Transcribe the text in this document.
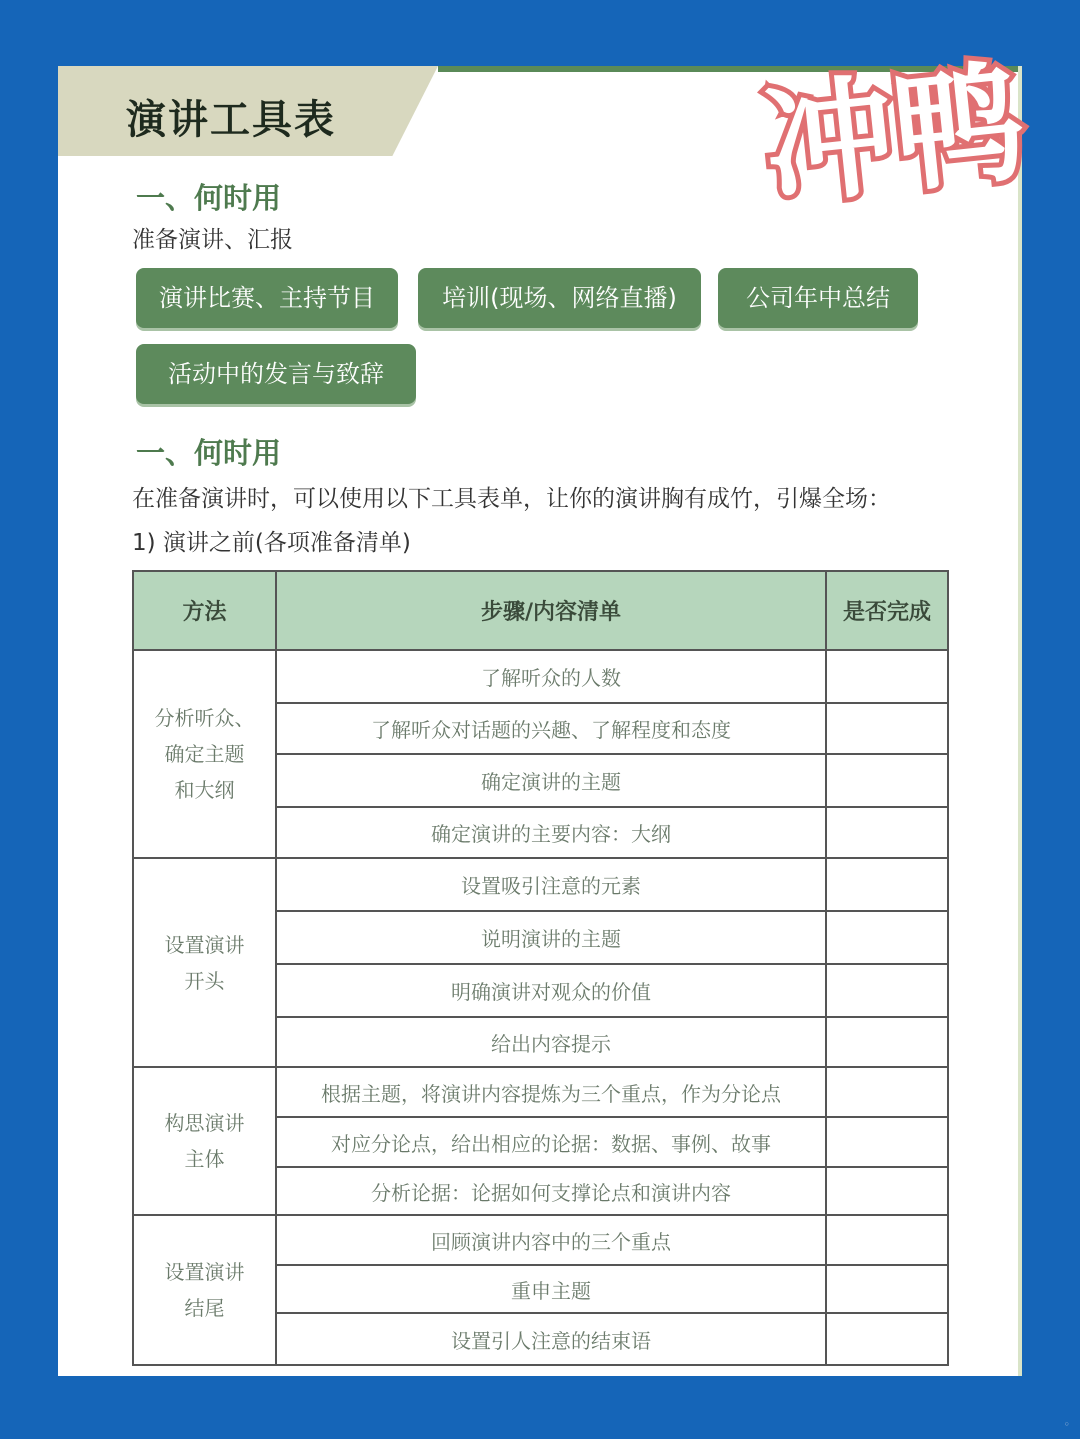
演讲工具表
一、何时用
准备演讲、汇报
演讲比赛、主持节目	培训(现场、网络直播)	公司年中总结
活动中的发言与致辞
一、何时用
在准备演讲时，可以使用以下工具表单，让你的演讲胸有成竹，引爆全场：
1) 演讲之前(各项准备清单)
方法	步骤/内容清单	是否完成

分析听众、
确定主题
和大纲	了解听众的人数	
	了解听众对话题的兴趣、了解程度和态度	
	确定演讲的主题	
	确定演讲的主要内容：大纲	

设置演讲
开头	设置吸引注意的元素	
	说明演讲的主题	
	明确演讲对观众的价值	
	给出内容提示	

构思演讲
主体	根据主题，将演讲内容提炼为三个重点，作为分论点	
	对应分论点，给出相应的论据：数据、事例、故事	
	分析论据：论据如何支撑论点和演讲内容	

设置演讲
结尾	回顾演讲内容中的三个重点	
	重申主题	
	设置引人注意的结束语	
冲鸭
◦
